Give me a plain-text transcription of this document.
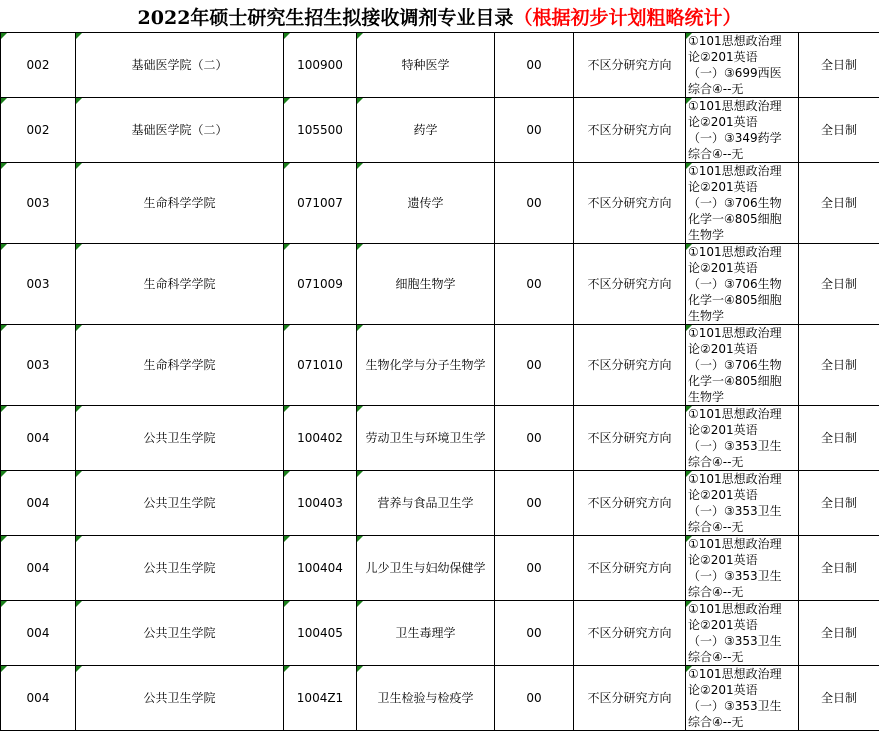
2022年硕士研究生招生拟接收调剂专业目录 （根据初步计划粗略统计）
002	基础医学院（二）	100900	特种医学	00	不区分研究方向	①101思想政治理
论②201英语
（一）③699西医
综合④--无	全日制
002	基础医学院（二）	105500	药学	00	不区分研究方向	①101思想政治理
论②201英语
（一）③349药学
综合④--无	全日制
003	生命科学学院	071007	遗传学	00	不区分研究方向	①101思想政治理
论②201英语
（一）③706生物
化学一④805细胞
生物学	全日制
003	生命科学学院	071009	细胞生物学	00	不区分研究方向	①101思想政治理
论②201英语
（一）③706生物
化学一④805细胞
生物学	全日制
003	生命科学学院	071010	生物化学与分子生物学	00	不区分研究方向	①101思想政治理
论②201英语
（一）③706生物
化学一④805细胞
生物学	全日制
004	公共卫生学院	100402	劳动卫生与环境卫生学	00	不区分研究方向	①101思想政治理
论②201英语
（一）③353卫生
综合④--无	全日制
004	公共卫生学院	100403	营养与食品卫生学	00	不区分研究方向	①101思想政治理
论②201英语
（一）③353卫生
综合④--无	全日制
004	公共卫生学院	100404	儿少卫生与妇幼保健学	00	不区分研究方向	①101思想政治理
论②201英语
（一）③353卫生
综合④--无	全日制
004	公共卫生学院	100405	卫生毒理学	00	不区分研究方向	①101思想政治理
论②201英语
（一）③353卫生
综合④--无	全日制
004	公共卫生学院	1004Z1	卫生检验与检疫学	00	不区分研究方向	①101思想政治理
论②201英语
（一）③353卫生
综合④--无	全日制
